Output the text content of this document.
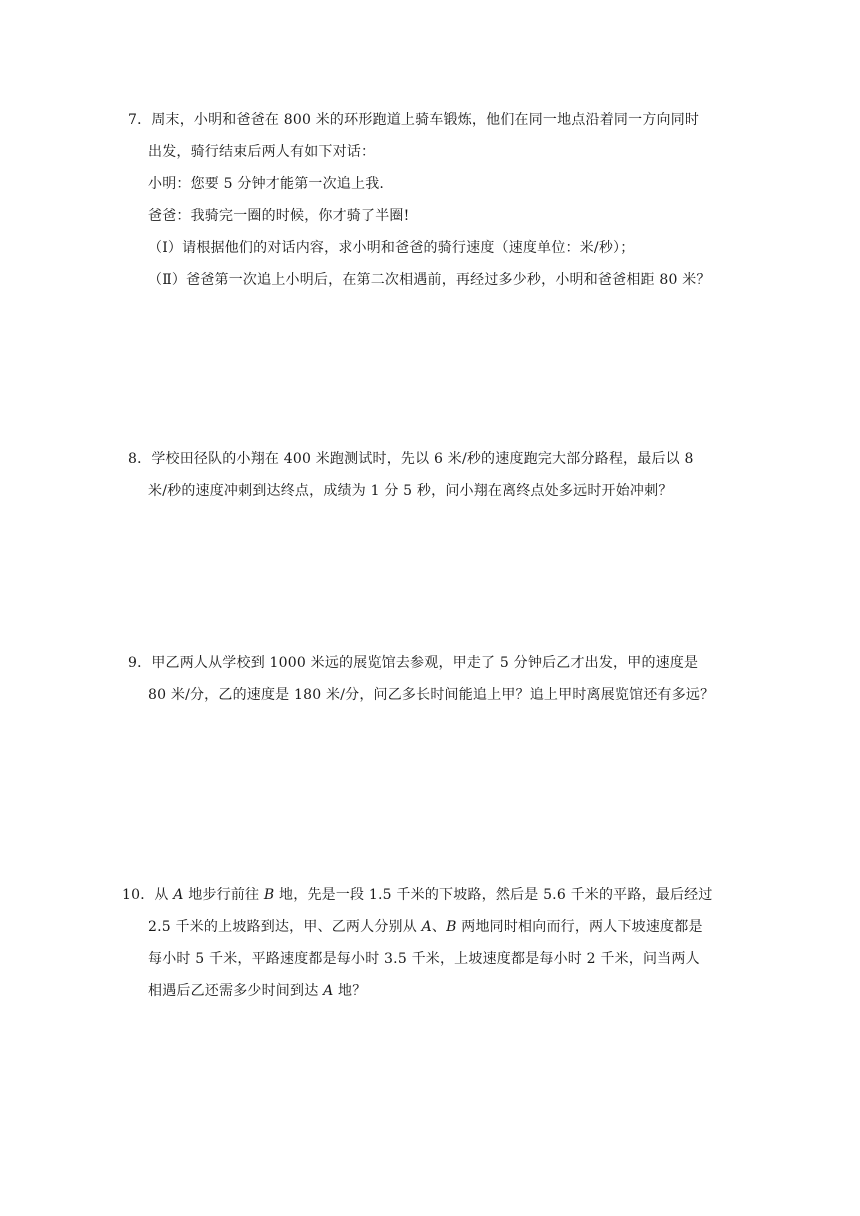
7．周末，小明和爸爸在 800 米的环形跑道上骑车锻炼，他们在同一地点沿着同一方向同时
出发，骑行结束后两人有如下对话：
小明：您要 5 分钟才能第一次追上我.
爸爸：我骑完一圈的时候，你才骑了半圈!
（Ⅰ）请根据他们的对话内容，求小明和爸爸的骑行速度（速度单位：米/秒）；
（Ⅱ）爸爸第一次追上小明后，在第二次相遇前，再经过多少秒，小明和爸爸相距 80 米？
8．学校田径队的小翔在 400 米跑测试时，先以 6 米/秒的速度跑完大部分路程，最后以 8
米/秒的速度冲刺到达终点，成绩为 1 分 5 秒，问小翔在离终点处多远时开始冲刺？
9．甲乙两人从学校到 1000 米远的展览馆去参观，甲走了 5 分钟后乙才出发，甲的速度是
80 米/分，乙的速度是 180 米/分，问乙多长时间能追上甲？追上甲时离展览馆还有多远？
10．从 A 地步行前往 B 地，先是一段 1.5 千米的下坡路，然后是 5.6 千米的平路，最后经过
2.5 千米的上坡路到达，甲、乙两人分别从 A、B 两地同时相向而行，两人下坡速度都是
每小时 5 千米，平路速度都是每小时 3.5 千米，上坡速度都是每小时 2 千米，问当两人
相遇后乙还需多少时间到达 A 地？
